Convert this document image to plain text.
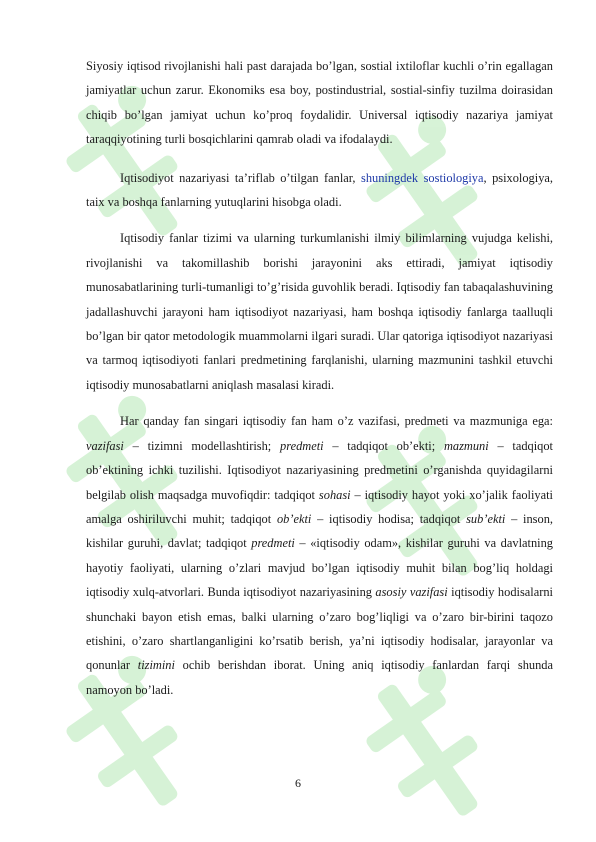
Siyosiy iqtisod rivojlanishi hali past darajada bo’lgan, sostial ixtiloflar kuchli o’rin egallagan jamiyatlar uchun zarur. Ekonomiks esa boy, postindustrial, sostial-sinfiy tuzilma doirasidan chiqib bo’lgan jamiyat uchun ko’proq foydalidir. Universal iqtisodiy nazariya jamiyat taraqqiyotining turli bosqichlarini qamrab oladi va ifodalaydi.

Iqtisodiyot nazariyasi ta’riflab o’tilgan fanlar, shuningdek sostiologiya, psixologiya, taix va boshqa fanlarning yutuqlarini hisobga oladi.

Iqtisodiy fanlar tizimi va ularning turkumlanishi ilmiy bilimlarning vujudga kelishi, rivojlanishi va takomillashib borishi jarayonini aks ettiradi, jamiyat iqtisodiy munosabatlarining turli-tumanligi to’g’risida guvohlik beradi. Iqtisodiy fan tabaqalashuvining jadallashuvchi jarayoni ham iqtisodiyot nazariyasi, ham boshqa iqtisodiy fanlarga taalluqli bo’lgan bir qator metodologik muammolarni ilgari suradi. Ular qatoriga iqtisodiyot nazariyasi va tarmoq iqtisodiyoti fanlari predmetining farqlanishi, ularning mazmunini tashkil etuvchi iqtisodiy munosabatlarni aniqlash masalasi kiradi.

Har qanday fan singari iqtisodiy fan ham o’z vazifasi, predmeti va mazmuniga ega: vazifasi – tizimni modellashtirish; predmeti – tadqiqot ob’ekti; mazmuni – tadqiqot ob’ektining ichki tuzilishi. Iqtisodiyot nazariyasining predmetini o’rganishda quyidagilarni belgilab olish maqsadga muvofiqdir: tadqiqot sohasi – iqtisodiy hayot yoki xo’jalik faoliyati amalga oshiriluvchi muhit; tadqiqot ob’ekti – iqtisodiy hodisa; tadqiqot sub’ekti – inson, kishilar guruhi, davlat; tadqiqot predmeti – «iqtisodiy odam», kishilar guruhi va davlatning hayotiy faoliyati, ularning o’zlari mavjud bo’lgan iqtisodiy muhit bilan bog’liq holdagi iqtisodiy xulq-atvorlari. Bunda iqtisodiyot nazariyasining asosiy vazifasi iqtisodiy hodisalarni shunchaki bayon etish emas, balki ularning o’zaro bog’liqligi va o’zaro bir-birini taqozo etishini, o’zaro shartlanganligini ko’rsatib berish, ya’ni iqtisodiy hodisalar, jarayonlar va qonunlar tizimini ochib berishdan iborat. Uning aniq iqtisodiy fanlardan farqi shunda namoyon bo’ladi.

6
